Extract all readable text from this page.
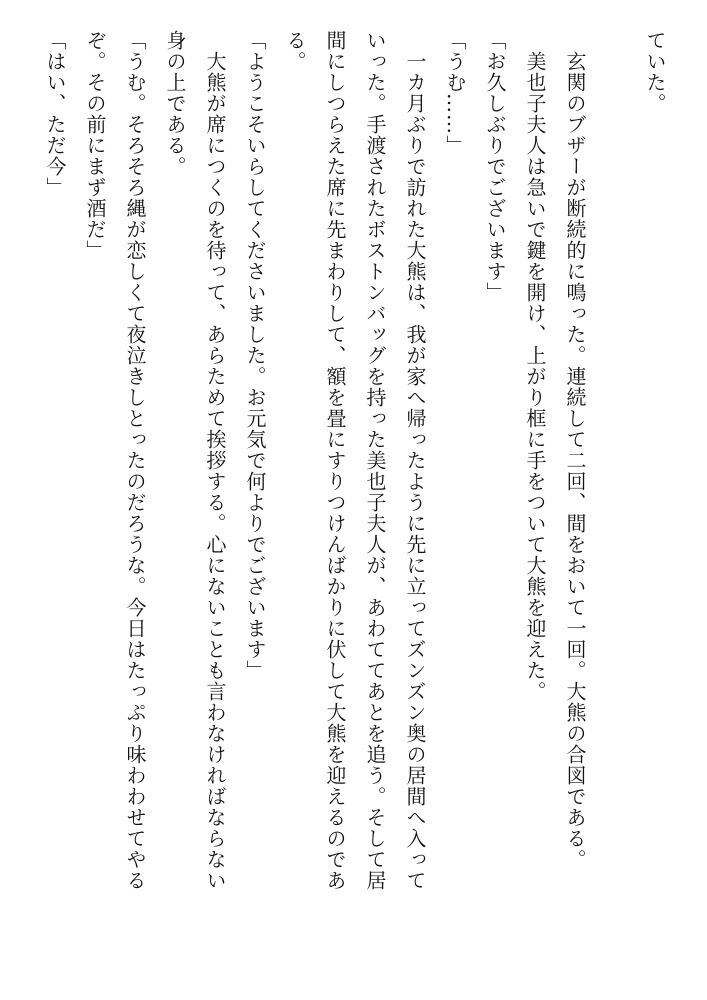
ていた。

　玄関のブザーが断続的に鳴った。連続して二回、間をおいて一回。大熊の合図である。
　美也子夫人は急いで鍵を開け、上がり框に手をついて大熊を迎えた。
「お久しぶりでございます」
「うむ……」
　一カ月ぶりで訪れた大熊は、我が家へ帰ったように先に立ってズンズン奥の居間へ入って
いった。手渡されたボストンバッグを持った美也子夫人が、あわててあとを追う。そして居
間にしつらえた席に先まわりして、額を畳にすりつけんばかりに伏して大熊を迎えるのであ
る。
「ようこそいらしてくださいました。お元気で何よりでございます」
　大熊が席につくのを待って、あらためて挨拶する。心にないことも言わなければならない
身の上である。
「うむ。そろそろ縄が恋しくて夜泣きしとったのだろうな。今日はたっぷり味わわせてやる
ぞ。その前にまず酒だ」
「はい、ただ今」
